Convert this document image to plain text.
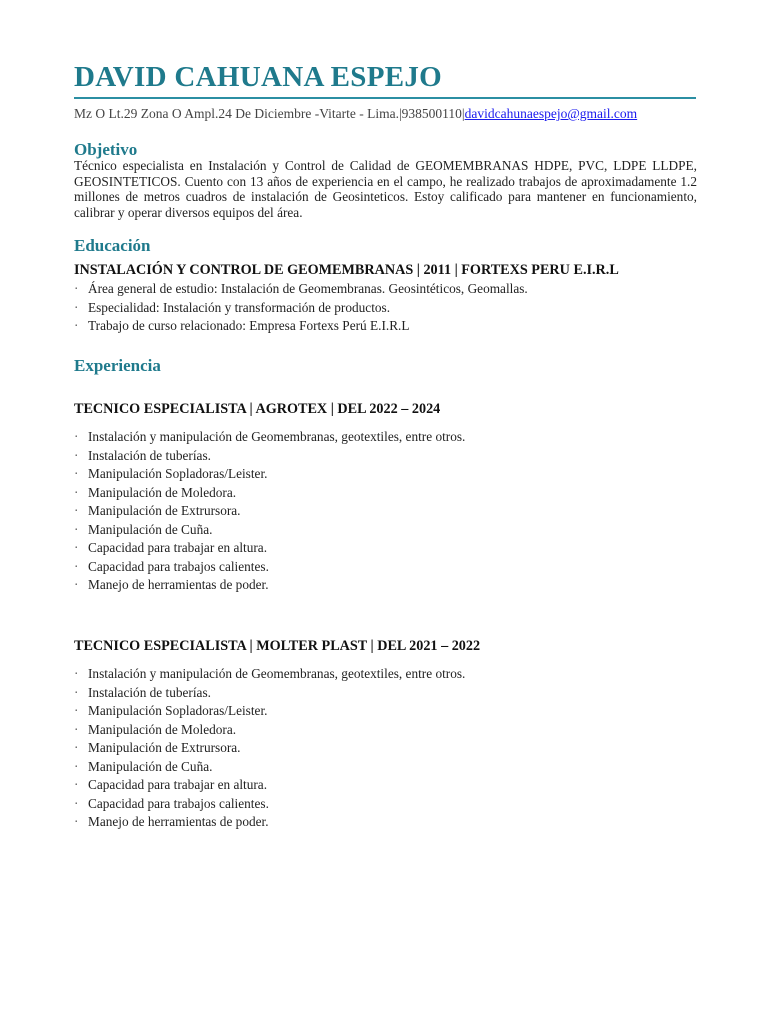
DAVID CAHUANA ESPEJO
Mz O Lt.29 Zona O Ampl.24 De Diciembre -Vitarte - Lima.|938500110|davidcahunaespejo@gmail.com
Objetivo

Técnico especialista en Instalación y Control de Calidad de GEOMEMBRANAS HDPE, PVC, LDPE LLDPE, GEOSINTETICOS. Cuento con 13 años de experiencia en el campo, he realizado trabajos de aproximadamente 1.2 millones de metros cuadros de instalación de Geosinteticos. Estoy calificado para mantener en funcionamiento, calibrar y operar diversos equipos del área.

Educación
INSTALACIÓN Y CONTROL DE GEOMEMBRANAS | 2011 | FORTEXS PERU E.I.R.L
· Área general de estudio: Instalación de Geomembranas. Geosintéticos, Geomallas.
· Especialidad: Instalación y transformación de productos.
· Trabajo de curso relacionado: Empresa Fortexs Perú E.I.R.L
Experiencia
TECNICO ESPECIALISTA | AGROTEX | DEL 2022 – 2024
· Instalación y manipulación de Geomembranas, geotextiles, entre otros.
· Instalación de tuberías.
· Manipulación Sopladoras/Leister.
· Manipulación de Moledora.
· Manipulación de Extrursora.
· Manipulación de Cuña.
· Capacidad para trabajar en altura.
· Capacidad para trabajos calientes.
· Manejo de herramientas de poder.
TECNICO ESPECIALISTA | MOLTER PLAST | DEL 2021 – 2022
· Instalación y manipulación de Geomembranas, geotextiles, entre otros.
· Instalación de tuberías.
· Manipulación Sopladoras/Leister.
· Manipulación de Moledora.
· Manipulación de Extrursora.
· Manipulación de Cuña.
· Capacidad para trabajar en altura.
· Capacidad para trabajos calientes.
· Manejo de herramientas de poder.
